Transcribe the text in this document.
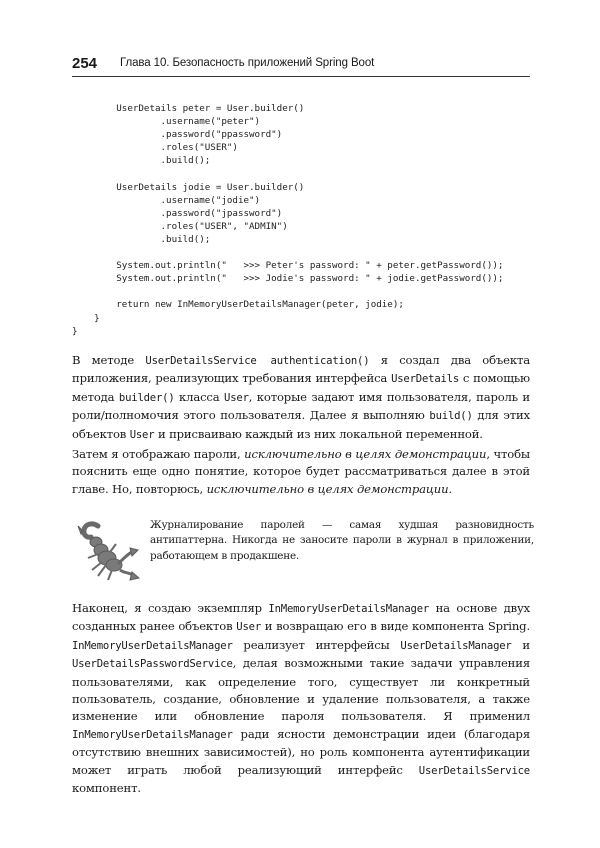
254 Глава 10. Безопасность приложений Spring Boot
UserDetails peter = User.builder()
.username("peter")
.password("ppassword")
.roles("USER")
.build();
UserDetails jodie = User.builder()
.username("jodie")
.password("jpassword")
.roles("USER", "ADMIN")
.build();
System.out.println("   >>> Peter's password: " + peter.getPassword());
System.out.println("   >>> Jodie's password: " + jodie.getPassword());
return new InMemoryUserDetailsManager(peter, jodie);
}
}

В методе UserDetailsService authentication() я создал два объекта приложения, реализующих требования интерфейса UserDetails с помощью метода builder() класса User, которые задают имя пользователя, пароль и роли/полномочия этого пользователя. Далее я выполняю build() для этих объектов User и присваиваю каждый из них локальной переменной.

Затем я отображаю пароли, исключительно в целях демонстрации, чтобы пояснить еще одно понятие, которое будет рассматриваться далее в этой главе. Но, повторюсь, исключительно в целях демонстрации.

Журналирование паролей — самая худшая разновидность антипаттерна. Никогда не заносите пароли в журнал в приложении, работающем в продакшене.

Наконец, я создаю экземпляр InMemoryUserDetailsManager на основе двух созданных ранее объектов User и возвращаю его в виде компонента Spring. InMemoryUserDetailsManager реализует интерфейсы UserDetailsManager и UserDetailsPasswordService, делая возможными такие задачи управления пользователями, как определение того, существует ли конкретный пользователь, создание, обновление и удаление пользователя, а также изменение или обновление пароля пользователя. Я применил InMemoryUserDetailsManager ради ясности демонстрации идеи (благодаря отсутствию внешних зависимостей), но роль компонента аутентификации может играть любой реализующий интерфейс UserDetailsService компонент.
